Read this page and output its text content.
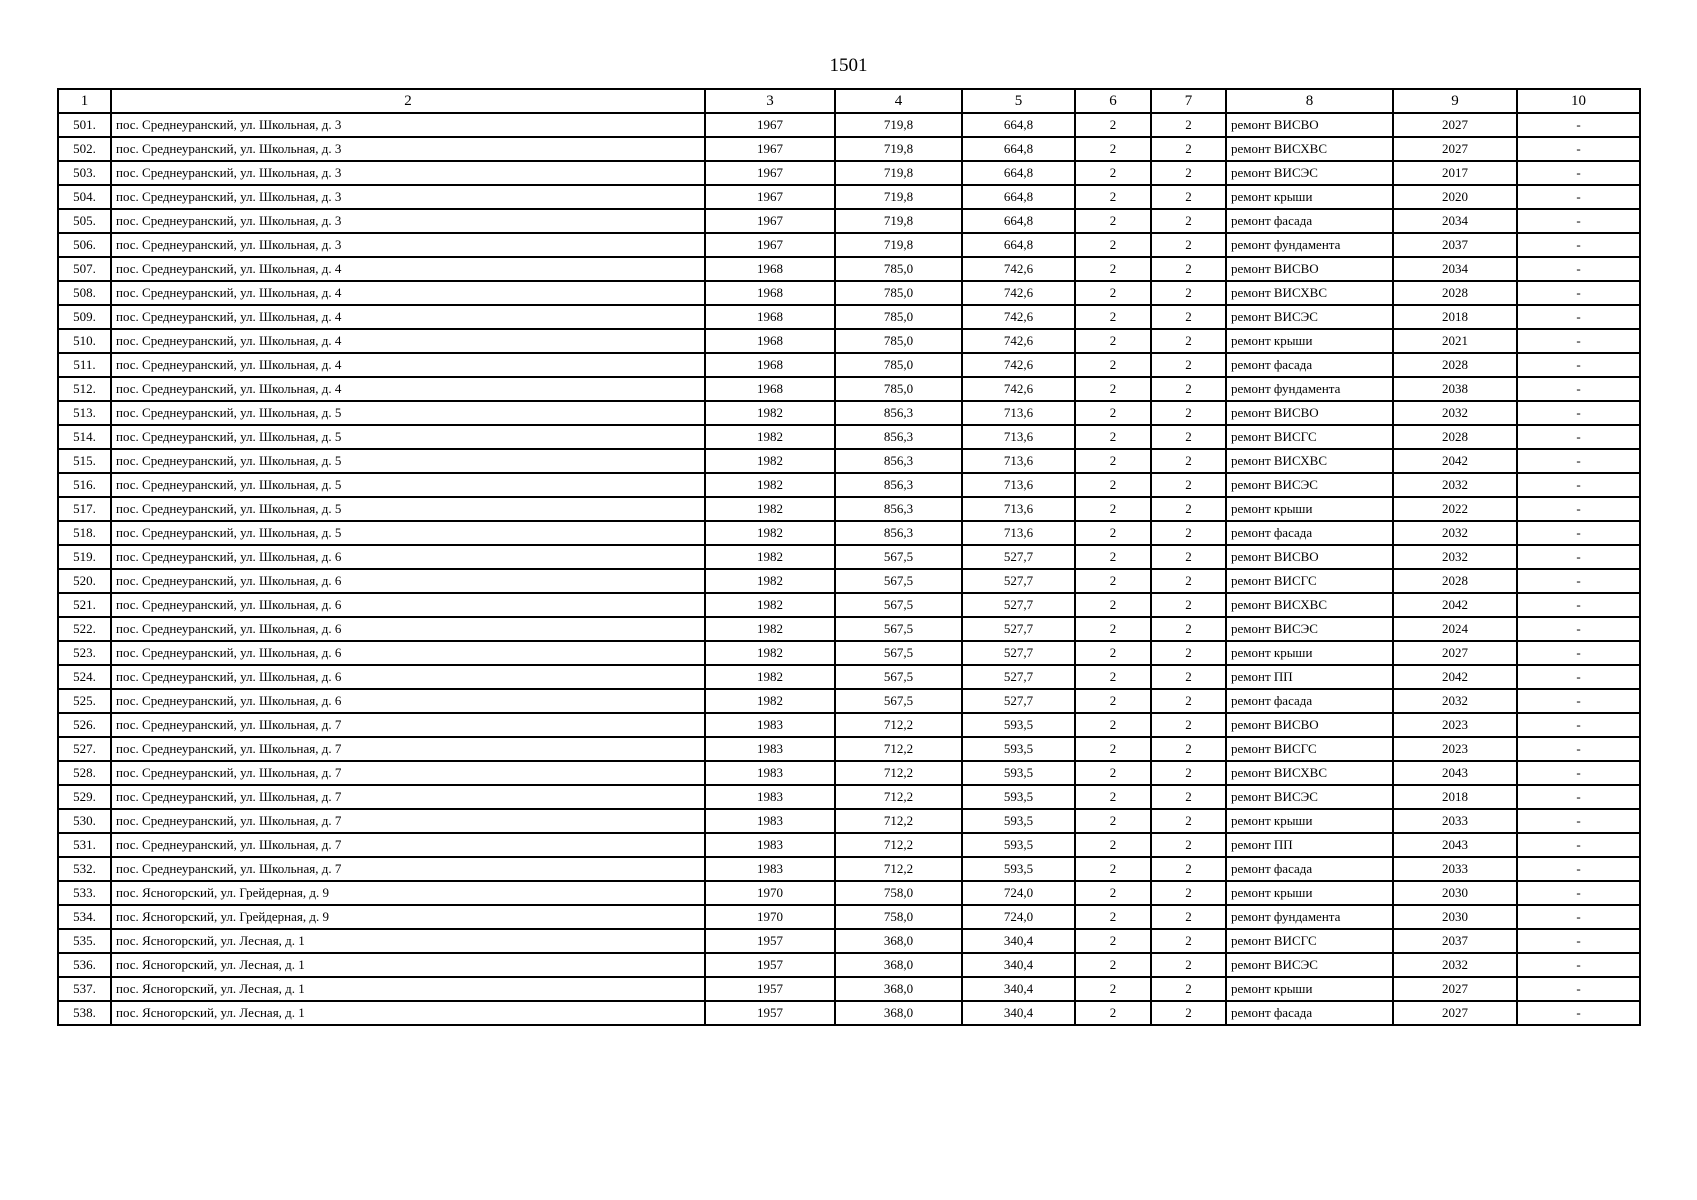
1501
1	2	3	4	5	6	7	8	9	10
501.	пос. Среднеуранский, ул. Школьная, д. 3	1967	719,8	664,8	2	2	ремонт ВИСВО	2027	-
502.	пос. Среднеуранский, ул. Школьная, д. 3	1967	719,8	664,8	2	2	ремонт ВИСХВС	2027	-
503.	пос. Среднеуранский, ул. Школьная, д. 3	1967	719,8	664,8	2	2	ремонт ВИСЭС	2017	-
504.	пос. Среднеуранский, ул. Школьная, д. 3	1967	719,8	664,8	2	2	ремонт крыши	2020	-
505.	пос. Среднеуранский, ул. Школьная, д. 3	1967	719,8	664,8	2	2	ремонт фасада	2034	-
506.	пос. Среднеуранский, ул. Школьная, д. 3	1967	719,8	664,8	2	2	ремонт фундамента	2037	-
507.	пос. Среднеуранский, ул. Школьная, д. 4	1968	785,0	742,6	2	2	ремонт ВИСВО	2034	-
508.	пос. Среднеуранский, ул. Школьная, д. 4	1968	785,0	742,6	2	2	ремонт ВИСХВС	2028	-
509.	пос. Среднеуранский, ул. Школьная, д. 4	1968	785,0	742,6	2	2	ремонт ВИСЭС	2018	-
510.	пос. Среднеуранский, ул. Школьная, д. 4	1968	785,0	742,6	2	2	ремонт крыши	2021	-
511.	пос. Среднеуранский, ул. Школьная, д. 4	1968	785,0	742,6	2	2	ремонт фасада	2028	-
512.	пос. Среднеуранский, ул. Школьная, д. 4	1968	785,0	742,6	2	2	ремонт фундамента	2038	-
513.	пос. Среднеуранский, ул. Школьная, д. 5	1982	856,3	713,6	2	2	ремонт ВИСВО	2032	-
514.	пос. Среднеуранский, ул. Школьная, д. 5	1982	856,3	713,6	2	2	ремонт ВИСГС	2028	-
515.	пос. Среднеуранский, ул. Школьная, д. 5	1982	856,3	713,6	2	2	ремонт ВИСХВС	2042	-
516.	пос. Среднеуранский, ул. Школьная, д. 5	1982	856,3	713,6	2	2	ремонт ВИСЭС	2032	-
517.	пос. Среднеуранский, ул. Школьная, д. 5	1982	856,3	713,6	2	2	ремонт крыши	2022	-
518.	пос. Среднеуранский, ул. Школьная, д. 5	1982	856,3	713,6	2	2	ремонт фасада	2032	-
519.	пос. Среднеуранский, ул. Школьная, д. 6	1982	567,5	527,7	2	2	ремонт ВИСВО	2032	-
520.	пос. Среднеуранский, ул. Школьная, д. 6	1982	567,5	527,7	2	2	ремонт ВИСГС	2028	-
521.	пос. Среднеуранский, ул. Школьная, д. 6	1982	567,5	527,7	2	2	ремонт ВИСХВС	2042	-
522.	пос. Среднеуранский, ул. Школьная, д. 6	1982	567,5	527,7	2	2	ремонт ВИСЭС	2024	-
523.	пос. Среднеуранский, ул. Школьная, д. 6	1982	567,5	527,7	2	2	ремонт крыши	2027	-
524.	пос. Среднеуранский, ул. Школьная, д. 6	1982	567,5	527,7	2	2	ремонт ПП	2042	-
525.	пос. Среднеуранский, ул. Школьная, д. 6	1982	567,5	527,7	2	2	ремонт фасада	2032	-
526.	пос. Среднеуранский, ул. Школьная, д. 7	1983	712,2	593,5	2	2	ремонт ВИСВО	2023	-
527.	пос. Среднеуранский, ул. Школьная, д. 7	1983	712,2	593,5	2	2	ремонт ВИСГС	2023	-
528.	пос. Среднеуранский, ул. Школьная, д. 7	1983	712,2	593,5	2	2	ремонт ВИСХВС	2043	-
529.	пос. Среднеуранский, ул. Школьная, д. 7	1983	712,2	593,5	2	2	ремонт ВИСЭС	2018	-
530.	пос. Среднеуранский, ул. Школьная, д. 7	1983	712,2	593,5	2	2	ремонт крыши	2033	-
531.	пос. Среднеуранский, ул. Школьная, д. 7	1983	712,2	593,5	2	2	ремонт ПП	2043	-
532.	пос. Среднеуранский, ул. Школьная, д. 7	1983	712,2	593,5	2	2	ремонт фасада	2033	-
533.	пос. Ясногорский, ул. Грейдерная, д. 9	1970	758,0	724,0	2	2	ремонт крыши	2030	-
534.	пос. Ясногорский, ул. Грейдерная, д. 9	1970	758,0	724,0	2	2	ремонт фундамента	2030	-
535.	пос. Ясногорский, ул. Лесная, д. 1	1957	368,0	340,4	2	2	ремонт ВИСГС	2037	-
536.	пос. Ясногорский, ул. Лесная, д. 1	1957	368,0	340,4	2	2	ремонт ВИСЭС	2032	-
537.	пос. Ясногорский, ул. Лесная, д. 1	1957	368,0	340,4	2	2	ремонт крыши	2027	-
538.	пос. Ясногорский, ул. Лесная, д. 1	1957	368,0	340,4	2	2	ремонт фасада	2027	-
